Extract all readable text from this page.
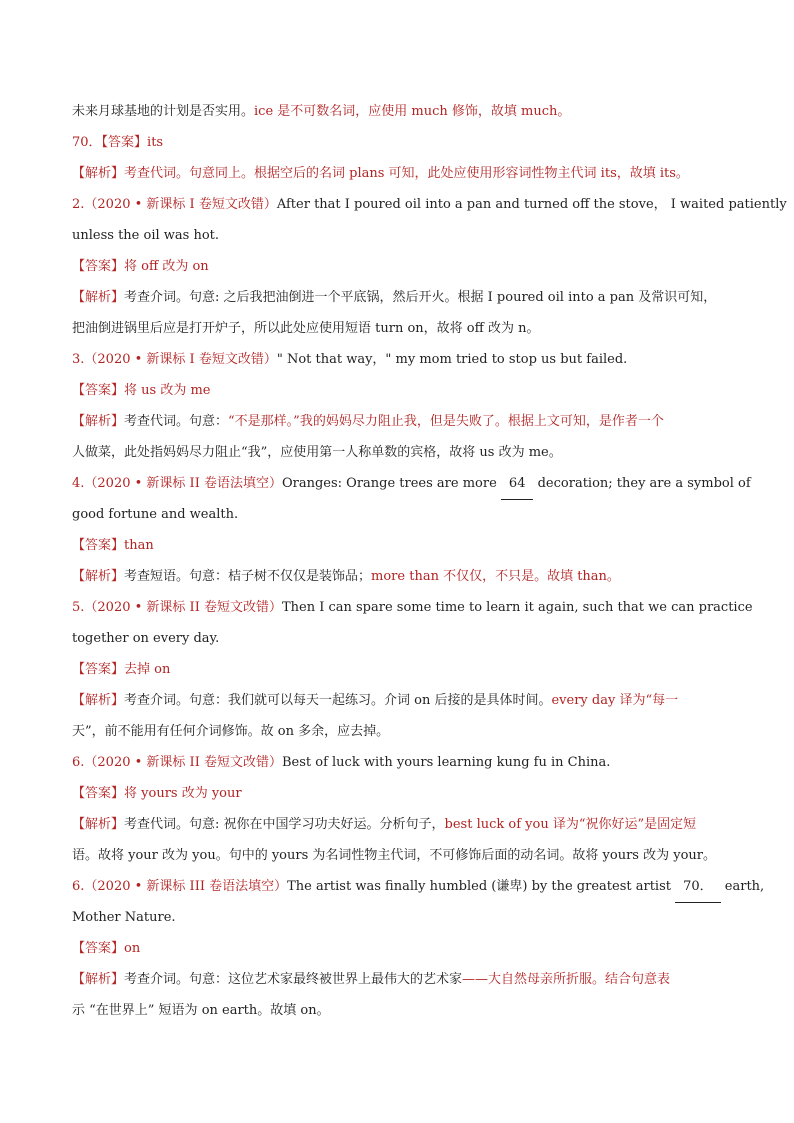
未来月球基地的计划是否实用。ice 是不可数名词，应使用 much 修饰，故填 much。
70．【答案】its
【解析】考查代词。句意同上。根据空后的名词 plans 可知，此处应使用形容词性物主代词 its，故填 its。
2.（2020 • 新课标 I 卷短文改错）After that I poured oil into a pan and turned off the stove， I waited patiently
unless the oil was hot.
【答案】将 off 改为 on
【解析】考查介词。句意: 之后我把油倒进一个平底锅，然后开火。根据 I poured oil into a pan 及常识可知，
把油倒进锅里后应是打开炉子，所以此处应使用短语 turn on，故将 off 改为 n。
3.（2020 • 新课标 I 卷短文改错）" Not that way，" my mom tried to stop us but failed.
【答案】将 us 改为 me
【解析】考查代词。句意：“不是那样。”我的妈妈尽力阻止我，但是失败了。根据上文可知，是作者一个
人做菜，此处指妈妈尽力阻止“我”，应使用第一人称单数的宾格，故将 us 改为 me。
4.（2020 • 新课标 II 卷语法填空）Oranges: Orange trees are more 64 decoration; they are a symbol of
good fortune and wealth.
【答案】than
【解析】考查短语。句意：桔子树不仅仅是装饰品；more than 不仅仅，不只是。故填 than。
5.（2020 • 新课标 II 卷短文改错）Then I can spare some time to learn it again, such that we can practice
together on every day.
【答案】去掉 on
【解析】考查介词。句意：我们就可以每天一起练习。介词 on 后接的是具体时间。every day 译为“每一
天”，前不能用有任何介词修饰。故 on 多余，应去掉。
6.（2020 • 新课标 II 卷短文改错）Best of luck with yours learning kung fu in China.
【答案】将 yours 改为 your
【解析】考查代词。句意: 祝你在中国学习功夫好运。分析句子，best luck of you 译为“祝你好运”是固定短
语。故将 your 改为 you。句中的 yours 为名词性物主代词，不可修饰后面的动名词。故将 yours 改为 your。
6.（2020 • 新课标 III 卷语法填空）The artist was finally humbled (谦卑) by the greatest artist 70． earth,
Mother Nature.
【答案】on
【解析】考查介词。句意：这位艺术家最终被世界上最伟大的艺术家——大自然母亲所折服。结合句意表
示 “在世界上” 短语为 on earth。故填 on。
